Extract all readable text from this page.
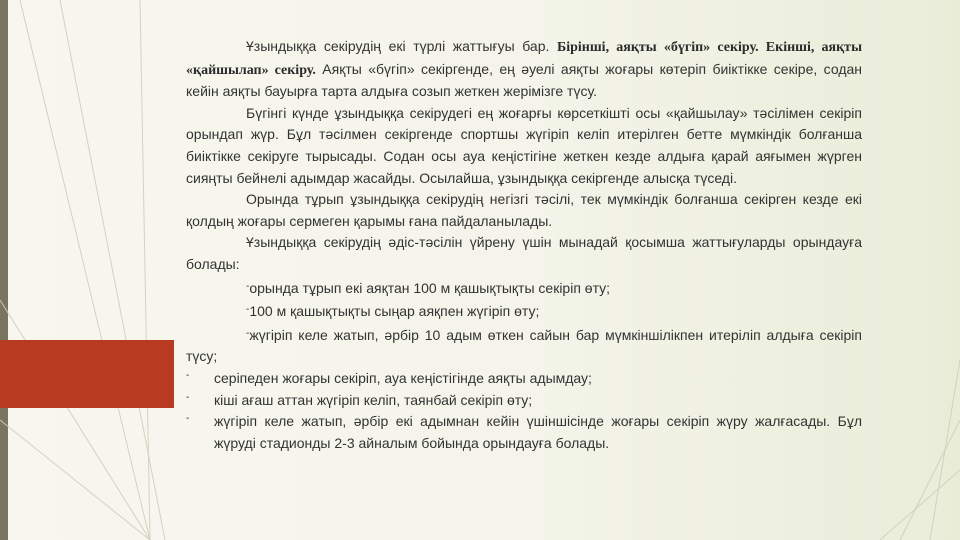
Ұзындыққа секірудің екі түрлі жаттығуы бар. Бірінші, аяқты «бүгіп» секіру. Екінші, аяқты «қайшылап» секіру. Аяқты «бүгіп» секіргенде, ең әуелі аяқты жоғары көтеріп биіктікке секіре, содан кейін аяқты бауырға тарта алдыға созып жеткен жерімізге түсу.

Бүгінгі күнде ұзындыққа секірудегі ең жоғарғы көрсеткішті осы «қайшылау» тәсілімен секіріп орындап жүр. Бұл тәсілмен секіргенде спортшы жүгіріп келіп итерілген бетте мүмкіндік болғанша биіктікке секіруге тырысады. Содан осы ауа кеңістігіне жеткен кезде алдыға қарай аяғымен жүрген сияңты бейнелі адымдар жасайды. Осылайша, ұзындыққа секіргенде алысқа түседі.

Орында тұрып ұзындыққа секірудің негізгі тәсілі, тек мүмкіндік болғанша секірген кезде екі қолдың жоғары сермеген қарымы ғана пайдаланылады.

Ұзындыққа секірудің әдіс-тәсілін үйрену үшін мынадай қосымша жаттығуларды орындауға болады:

-орында тұрып екі аяқтан 100 м қашықтықты секіріп өту;

-100 м қашықтықты сыңар аяқпен жүгіріп өту;

-жүгіріп келе жатып, әрбір 10 адым өткен сайын бар мүмкіншілікпен итеріліп алдыға секіріп түсу;

-	серіпеден жоғары секіріп, ауа кеңістігінде аяқты адымдау;
-	кіші ағаш аттан жүгіріп келіп, таянбай секіріп өту;
-	жүгіріп келе жатып, әрбір екі адымнан кейін үшіншісінде жоғары секіріп жүру жалғасады. Бұл жүруді стадионды 2-3 айналым бойында орындауға болады.
